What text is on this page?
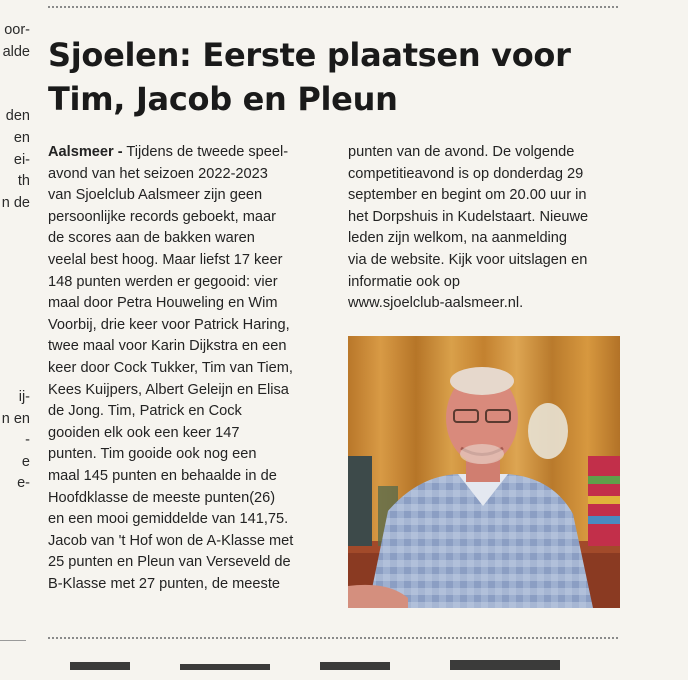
oor-
alde

den
en
ei-
th
n de

ij-
n en
-
e
e-

Sjoelen: Eerste plaatsen voor
Tim, Jacob en Pleun
Aalsmeer - Tijdens de tweede speel-
avond van het seizoen 2022-2023
van Sjoelclub Aalsmeer zijn geen
persoonlijke records geboekt, maar
de scores aan de bakken waren
veelal best hoog. Maar liefst 17 keer
148 punten werden er gegooid: vier
maal door Petra Houweling en Wim
Voorbij, drie keer voor Patrick Haring,
twee maal voor Karin Dijkstra en een
keer door Cock Tukker, Tim van Tiem,
Kees Kuijpers, Albert Geleijn en Elisa
de Jong. Tim, Patrick en Cock
gooiden elk ook een keer 147
punten. Tim gooide ook nog een
maal 145 punten en behaalde in de
Hoofdklasse de meeste punten(26)
en een mooi gemiddelde van 141,75.
Jacob van 't Hof won de A-Klasse met
25 punten en Pleun van Verseveld de
B-Klasse met 27 punten, de meeste
punten van de avond. De volgende
competitieavond is op donderdag 29
september en begint om 20.00 uur in
het Dorpshuis in Kudelstaart. Nieuwe
leden zijn welkom, na aanmelding
via de website. Kijk voor uitslagen en
informatie ook op
www.sjoelclub-aalsmeer.nl.
